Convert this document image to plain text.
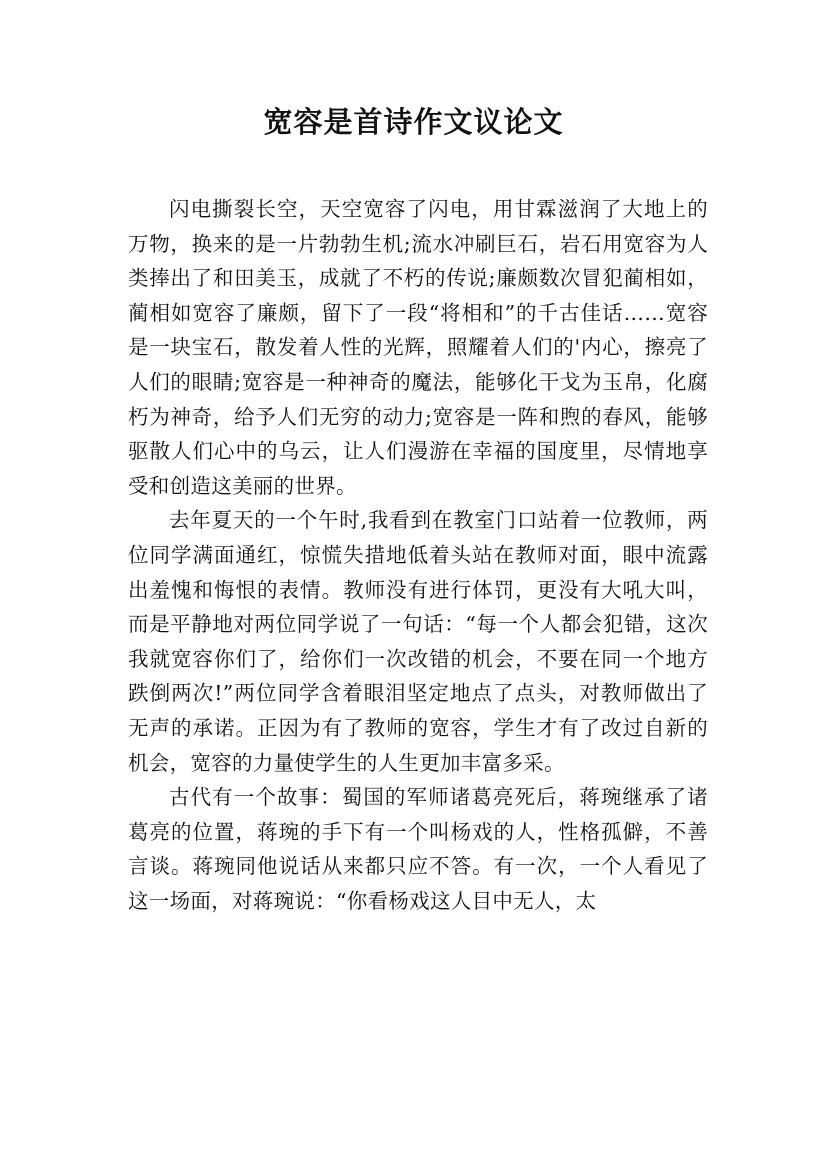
宽容是首诗作文议论文

闪电撕裂长空，天空宽容了闪电，用甘霖滋润了大地上的万物，换来的是一片勃勃生机;流水冲刷巨石，岩石用宽容为人类捧出了和田美玉，成就了不朽的传说;廉颇数次冒犯蔺相如，蔺相如宽容了廉颇，留下了一段“将相和”的千古佳话……宽容是一块宝石，散发着人性的光辉，照耀着人们的'内心，擦亮了人们的眼睛;宽容是一种神奇的魔法，能够化干戈为玉帛，化腐朽为神奇，给予人们无穷的动力;宽容是一阵和煦的春风，能够驱散人们心中的乌云，让人们漫游在幸福的国度里，尽情地享受和创造这美丽的世界。

去年夏天的一个午时,我看到在教室门口站着一位教师，两位同学满面通红，惊慌失措地低着头站在教师对面，眼中流露出羞愧和悔恨的表情。教师没有进行体罚，更没有大吼大叫，而是平静地对两位同学说了一句话：“每一个人都会犯错，这次我就宽容你们了，给你们一次改错的机会，不要在同一个地方跌倒两次!”两位同学含着眼泪坚定地点了点头，对教师做出了无声的承诺。正因为有了教师的宽容，学生才有了改过自新的机会，宽容的力量使学生的人生更加丰富多采。

古代有一个故事：蜀国的军师诸葛亮死后，蒋琬继承了诸葛亮的位置，蒋琬的手下有一个叫杨戏的人，性格孤僻，不善言谈。蒋琬同他说话从来都只应不答。有一次，一个人看见了这一场面，对蒋琬说：“你看杨戏这人目中无人，太
